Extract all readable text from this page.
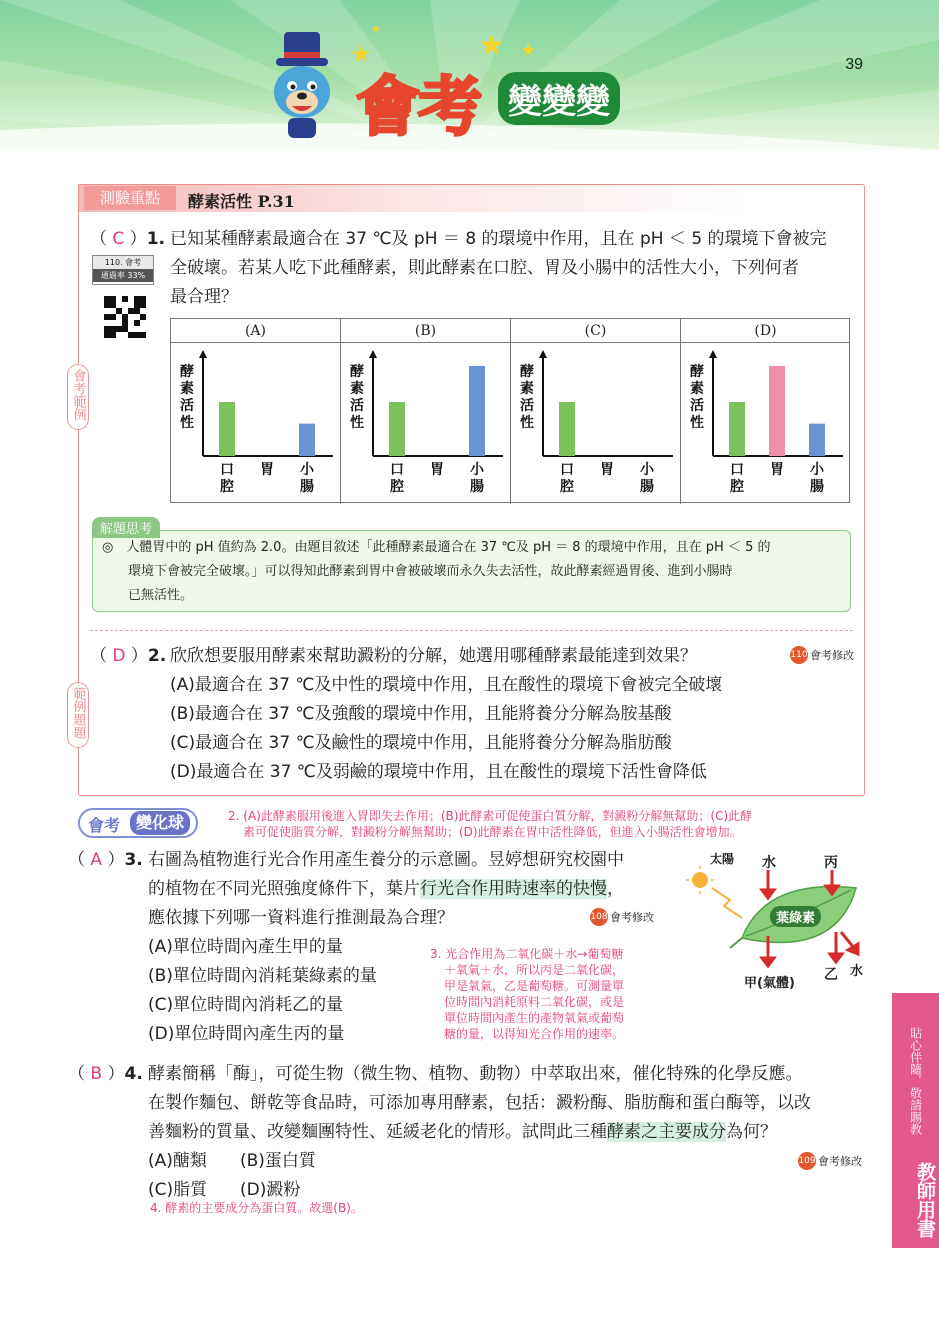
★	★ ★
✦
會考 變變變
39
測驗重點	酵素活性 P.31
會考範例
範例題題
（ C ）1. 已知某種酵素最適合在 37 ℃及 pH ＝ 8 的環境中作用，且在 pH ＜ 5 的環境下會被完
全破壞。若某人吃下此種酵素，則此酵素在口腔、胃及小腸中的活性大小，下列何者
最合理？
110. 會考
通過率 33%
(A)
酵
素
活
性
口
腔
胃 小
腸
(B)
酵
素
活
性
口
腔
胃 小
腸
(C)
酵
素
活
性
口
腔
胃 小
腸
(D)
酵
素
活
性
口
腔
胃 小
腸
解題思考
◎　人體胃中的 pH 值約為 2.0。由題目敘述「此種酵素最適合在 37 ℃及 pH ＝ 8 的環境中作用，且在 pH ＜ 5 的
環境下會被完全破壞。」可以得知此酵素到胃中會被破壞而永久失去活性，故此酵素經過胃後、進到小腸時
已無活性。
（ D ）2. 欣欣想要服用酵素來幫助澱粉的分解，她選用哪種酵素最能達到效果？	110 會考修改
(A)最適合在 37 ℃及中性的環境中作用，且在酸性的環境下會被完全破壞
(B)最適合在 37 ℃及強酸的環境中作用，且能將養分分解為胺基酸
(C)最適合在 37 ℃及鹼性的環境中作用，且能將養分分解為脂肪酸
(D)最適合在 37 ℃及弱鹼的環境中作用，且在酸性的環境下活性會降低
會考 變化球	2. (A)此酵素服用後進入胃即失去作用；(B)此酵素可促使蛋白質分解，對澱粉分解無幫助；(C)此酵
素可促使脂質分解，對澱粉分解無幫助；(D)此酵素在胃中活性降低，但進入小腸活性會增加。
（ A ）3. 右圖為植物進行光合作用產生養分的示意圖。昱婷想研究校園中
的植物在不同光照強度條件下，葉片行光合作用時速率的快慢，
應依據下列哪一資料進行推測最為合理？	108 會考修改
(A)單位時間內產生甲的量
(B)單位時間內消耗葉綠素的量
(C)單位時間內消耗乙的量
(D)單位時間內產生丙的量
3. 光合作用為二氧化碳＋水→葡萄糖
＋氧氣＋水，所以丙是二氧化碳，
甲是氧氣，乙是葡萄糖。可測量單
位時間內消耗原料二氧化碳，或是
單位時間內產生的產物氧氣或葡萄
糖的量，以得知光合作用的速率。
太陽 水	丙
葉綠素
甲(氣體)
乙 水
（ B ）4. 酵素簡稱「酶」，可從生物（微生物、植物、動物）中萃取出來，催化特殊的化學反應。
在製作麵包、餅乾等食品時，可添加專用酵素，包括：澱粉酶、脂肪酶和蛋白酶等，以改
善麵粉的質量、改變麵團特性、延緩老化的情形。試問此三種酵素之主要成分為何？
109 會考修改
(A)醣類 (B)蛋白質
(C)脂質 (D)澱粉
4. 酵素的主要成分為蛋白質。故選(B)。
貼心伴隨．敬請賜教
教師用書
